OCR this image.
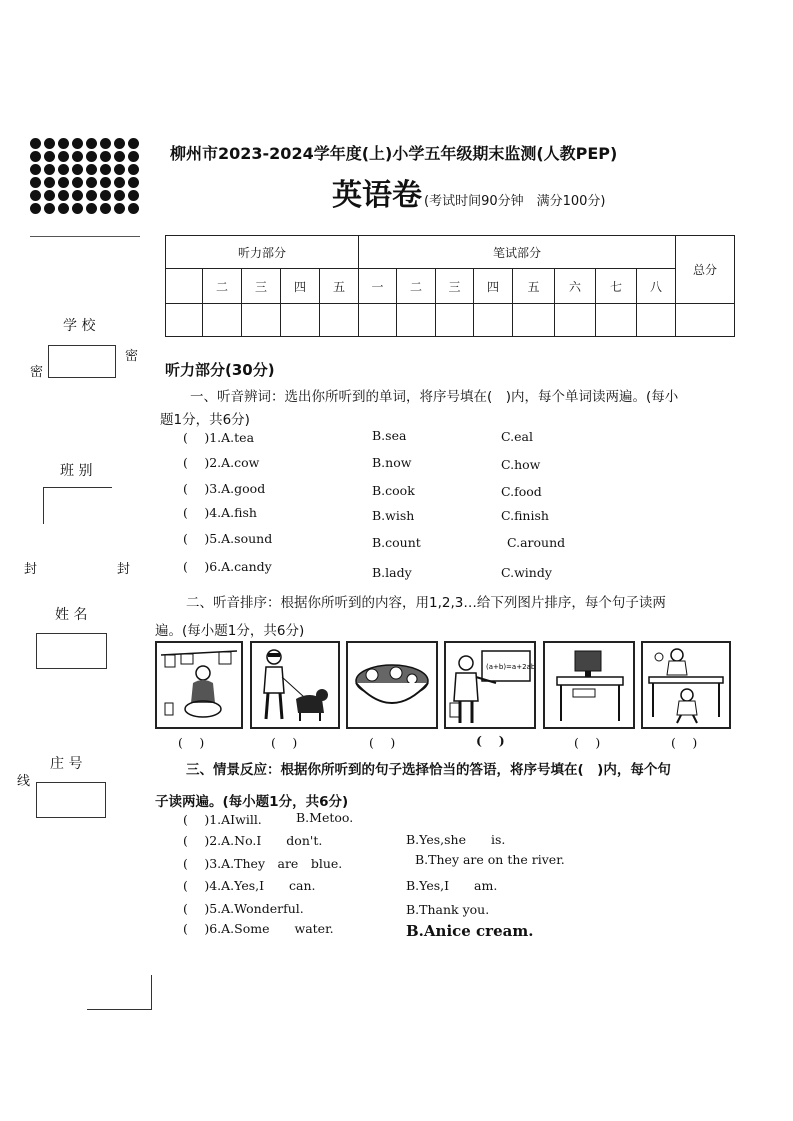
柳州市2023-2024学年度(上)小学五年级期末监测(人教PEP)
英语卷 (考试时间90分钟　满分100分)
听力部分					笔试部分								总分
	二	三	四	五	一	二	三	四	五	六	七	八	

学 校
密
密
班 别
封	封
姓 名
庄 号
线
听力部分(30分)
一、听音辨词：选出你所听到的单词，将序号填在(　)内，每个单词读两遍。(每小
题1分，共6分)
(　 )1.A.tea	B.sea	C.eal
(　 )2.A.cow	B.now	C.how
(　 )3.A.good	B.cook	C.food
(　 )4.A.fish	B.wish	C.finish
(　 )5.A.sound	B.count	C.around
(　 )6.A.candy	B.lady	C.windy
二、听音排序：根据你所听到的内容，用1,2,3…给下列图片排序，每个句子读两
遍。(每小题1分，共6分)
(a+b)=a+2ab
(　 )	(　 )	(　 )	(　 )	(　 )	(　 )
三、情景反应：根据你所听到的句子选择恰当的答语，将序号填在(　)内，每个句
子读两遍。(每小题1分，共6分)
(　 )1.AIwill.	B.Metoo.
(　 )2.A.No.I　　don't.	B.Yes,she　　is.
(　 )3.A.They　are　blue.	B.They are on the river.
(　 )4.A.Yes,I　　can.	B.Yes,I　　am.
(　 )5.A.Wonderful.	B.Thank you.
(　 )6.A.Some　　water.	B.Anice cream.
